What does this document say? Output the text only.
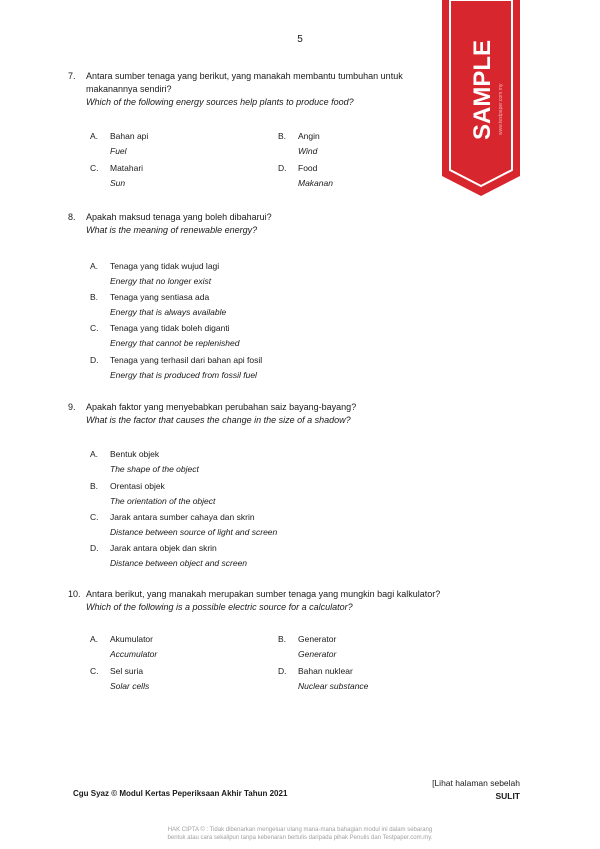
5
7. Antara sumber tenaga yang berikut, yang manakah membantu tumbuhan untuk
makanannya sendiri?
Which of the following energy sources help plants to produce food?
A. Bahan api
Fuel
B. Angin
Wind
C. Matahari
Sun
D. Food
Makanan
8. Apakah maksud tenaga yang boleh dibaharui?
What is the meaning of renewable energy?
A. Tenaga yang tidak wujud lagi
Energy that no longer exist
B. Tenaga yang sentiasa ada
Energy that is always available
C. Tenaga yang tidak boleh diganti
Energy that cannot be replenished
D. Tenaga yang terhasil dari bahan api fosil
Energy that is produced from fossil fuel
9. Apakah faktor yang menyebabkan perubahan saiz bayang-bayang?
What is the factor that causes the change in the size of a shadow?
A. Bentuk objek
The shape of the object
B. Orentasi objek
The orientation of the object
C. Jarak antara sumber cahaya dan skrin
Distance between source of light and screen
D. Jarak antara objek dan skrin
Distance between object and screen
10. Antara berikut, yang manakah merupakan sumber tenaga yang mungkin bagi kalkulator?
Which of the following is a possible electric source for a calculator?
A. Akumulator
Accumulator
B. Generator
Generator
C. Sel suria
Solar cells
D. Bahan nuklear
Nuclear substance
Cgu Syaz © Modul Kertas Peperiksaan Akhir Tahun 2021
[Lihat halaman sebelah
SULIT
HAK CIPTA © : Tidak dibenarkan mengeluar ulang mana-mana bahagian modul ini dalam sebarang
bentuk atau cara sekalipun tanpa kebenaran bertulis daripada pihak Penulis dan Testpaper.com.my.
SAMPLE www.testpaper.com.my
